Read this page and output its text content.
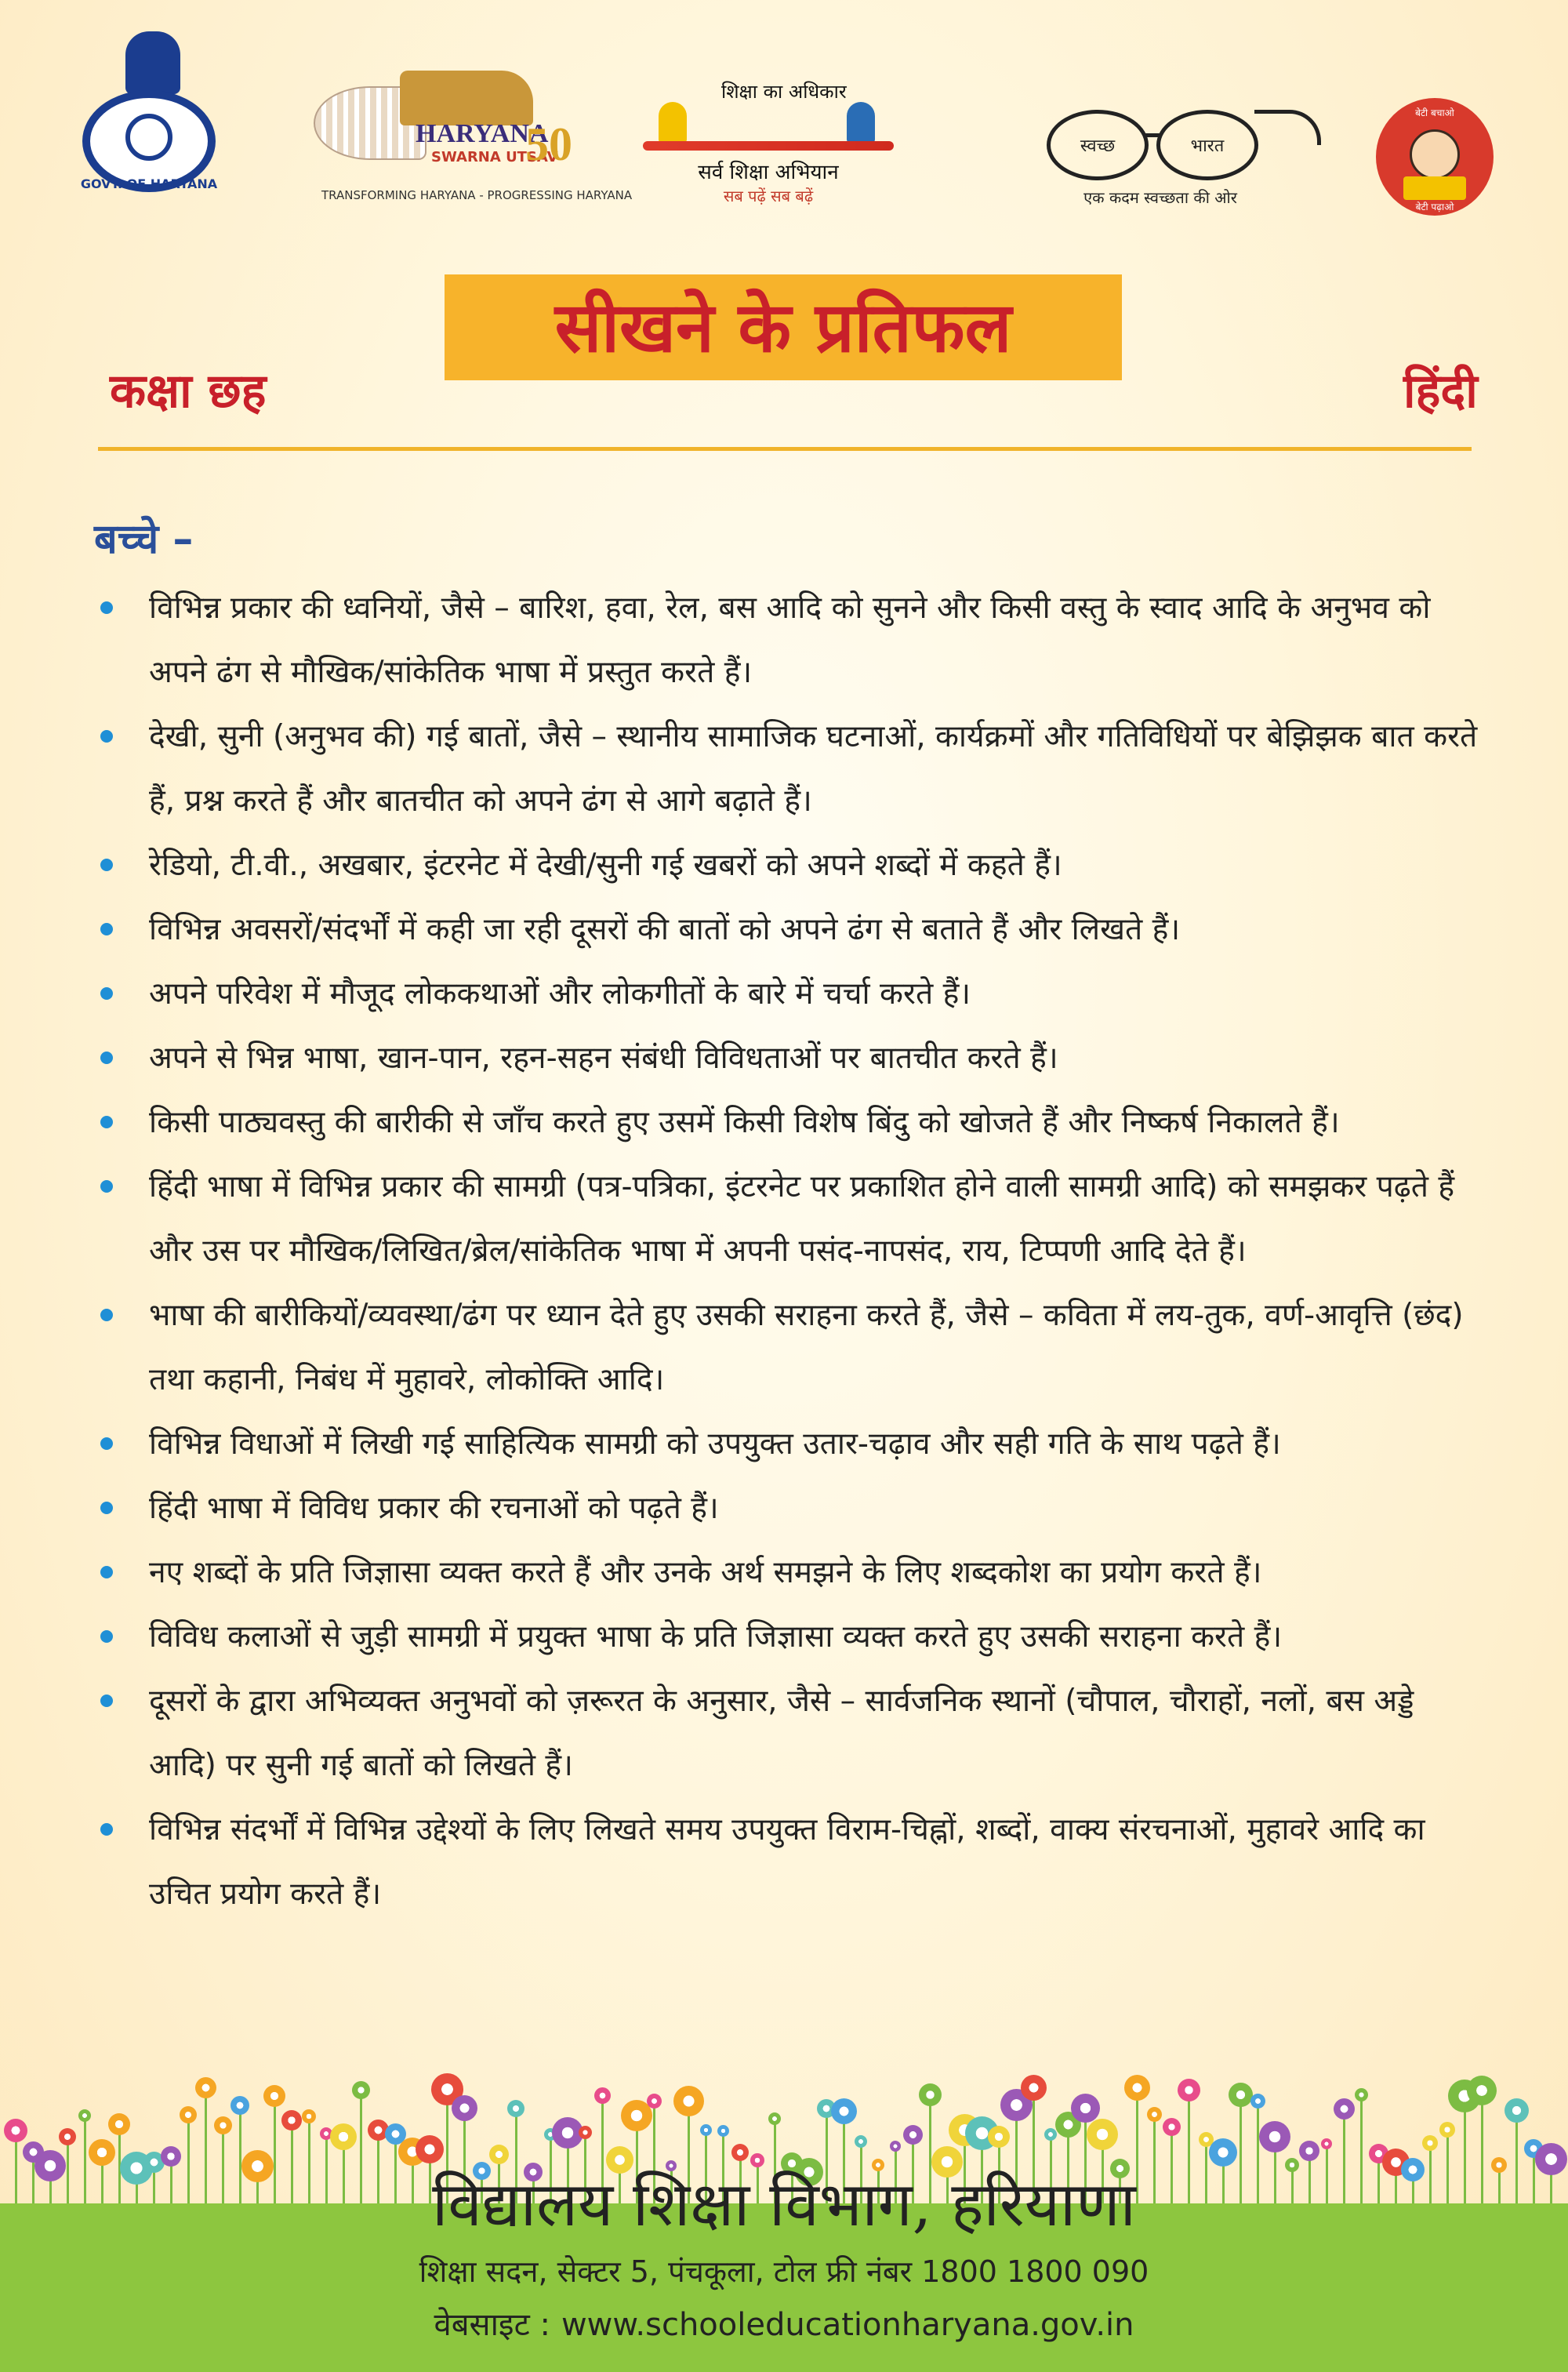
GOVT. OF HARYANA
HARYANA
SWARNA UTSAV
50
TRANSFORMING HARYANA - PROGRESSING HARYANA
शिक्षा का अधिकार
सर्व शिक्षा अभियान
सब पढ़ें सब बढ़ें
स्वच्छ	भारत
एक कदम स्वच्छता की ओर
बेटी बचाओ
बेटी पढ़ाओ
सीखने के प्रतिफल
कक्षा छह	हिंदी
बच्चे –
विभिन्न प्रकार की ध्वनियों, जैसे – बारिश, हवा, रेल, बस आदि को सुनने और किसी वस्तु के स्वाद आदि के अनुभव को अपने ढंग से मौखिक/सांकेतिक भाषा में प्रस्तुत करते हैं।
देखी, सुनी (अनुभव की) गई बातों, जैसे – स्थानीय सामाजिक घटनाओं, कार्यक्रमों और गतिविधियों पर बेझिझक बात करते हैं, प्रश्न करते हैं और बातचीत को अपने ढंग से आगे बढ़ाते हैं।
रेडियो, टी.वी., अखबार, इंटरनेट में देखी/सुनी गई खबरों को अपने शब्दों में कहते हैं।
विभिन्न अवसरों/संदर्भों में कही जा रही दूसरों की बातों को अपने ढंग से बताते हैं और लिखते हैं।
अपने परिवेश में मौजूद लोककथाओं और लोकगीतों के बारे में चर्चा करते हैं।
अपने से भिन्न भाषा, खान-पान, रहन-सहन संबंधी विविधताओं पर बातचीत करते हैं।
किसी पाठ्यवस्तु की बारीकी से जाँच करते हुए उसमें किसी विशेष बिंदु को खोजते हैं और निष्कर्ष निकालते हैं।
हिंदी भाषा में विभिन्न प्रकार की सामग्री (पत्र-पत्रिका, इंटरनेट पर प्रकाशित होने वाली सामग्री आदि) को समझकर पढ़ते हैं और उस पर मौखिक/लिखित/ब्रेल/सांकेतिक भाषा में अपनी पसंद-नापसंद, राय, टिप्पणी आदि देते हैं।
भाषा की बारीकियों/व्यवस्था/ढंग पर ध्यान देते हुए उसकी सराहना करते हैं, जैसे – कविता में लय-तुक, वर्ण-आवृत्ति (छंद) तथा कहानी, निबंध में मुहावरे, लोकोक्ति आदि।
विभिन्न विधाओं में लिखी गई साहित्यिक सामग्री को उपयुक्त उतार-चढ़ाव और सही गति के साथ पढ़ते हैं।
हिंदी भाषा में विविध प्रकार की रचनाओं को पढ़ते हैं।
नए शब्दों के प्रति जिज्ञासा व्यक्त करते हैं और उनके अर्थ समझने के लिए शब्दकोश का प्रयोग करते हैं।
विविध कलाओं से जुड़ी सामग्री में प्रयुक्त भाषा के प्रति जिज्ञासा व्यक्त करते हुए उसकी सराहना करते हैं।
दूसरों के द्वारा अभिव्यक्त अनुभवों को ज़रूरत के अनुसार, जैसे – सार्वजनिक स्थानों (चौपाल, चौराहों, नलों, बस अड्डे आदि) पर सुनी गई बातों को लिखते हैं।
विभिन्न संदर्भों में विभिन्न उद्देश्यों के लिए लिखते समय उपयुक्त विराम-चिह्नों, शब्दों, वाक्य संरचनाओं, मुहावरे आदि का उचित प्रयोग करते हैं।
विद्यालय शिक्षा विभाग, हरियाणा
शिक्षा सदन, सेक्टर 5, पंचकूला, टोल फ्री नंबर 1800 1800 090
वेबसाइट : www.schooleducationharyana.gov.in
